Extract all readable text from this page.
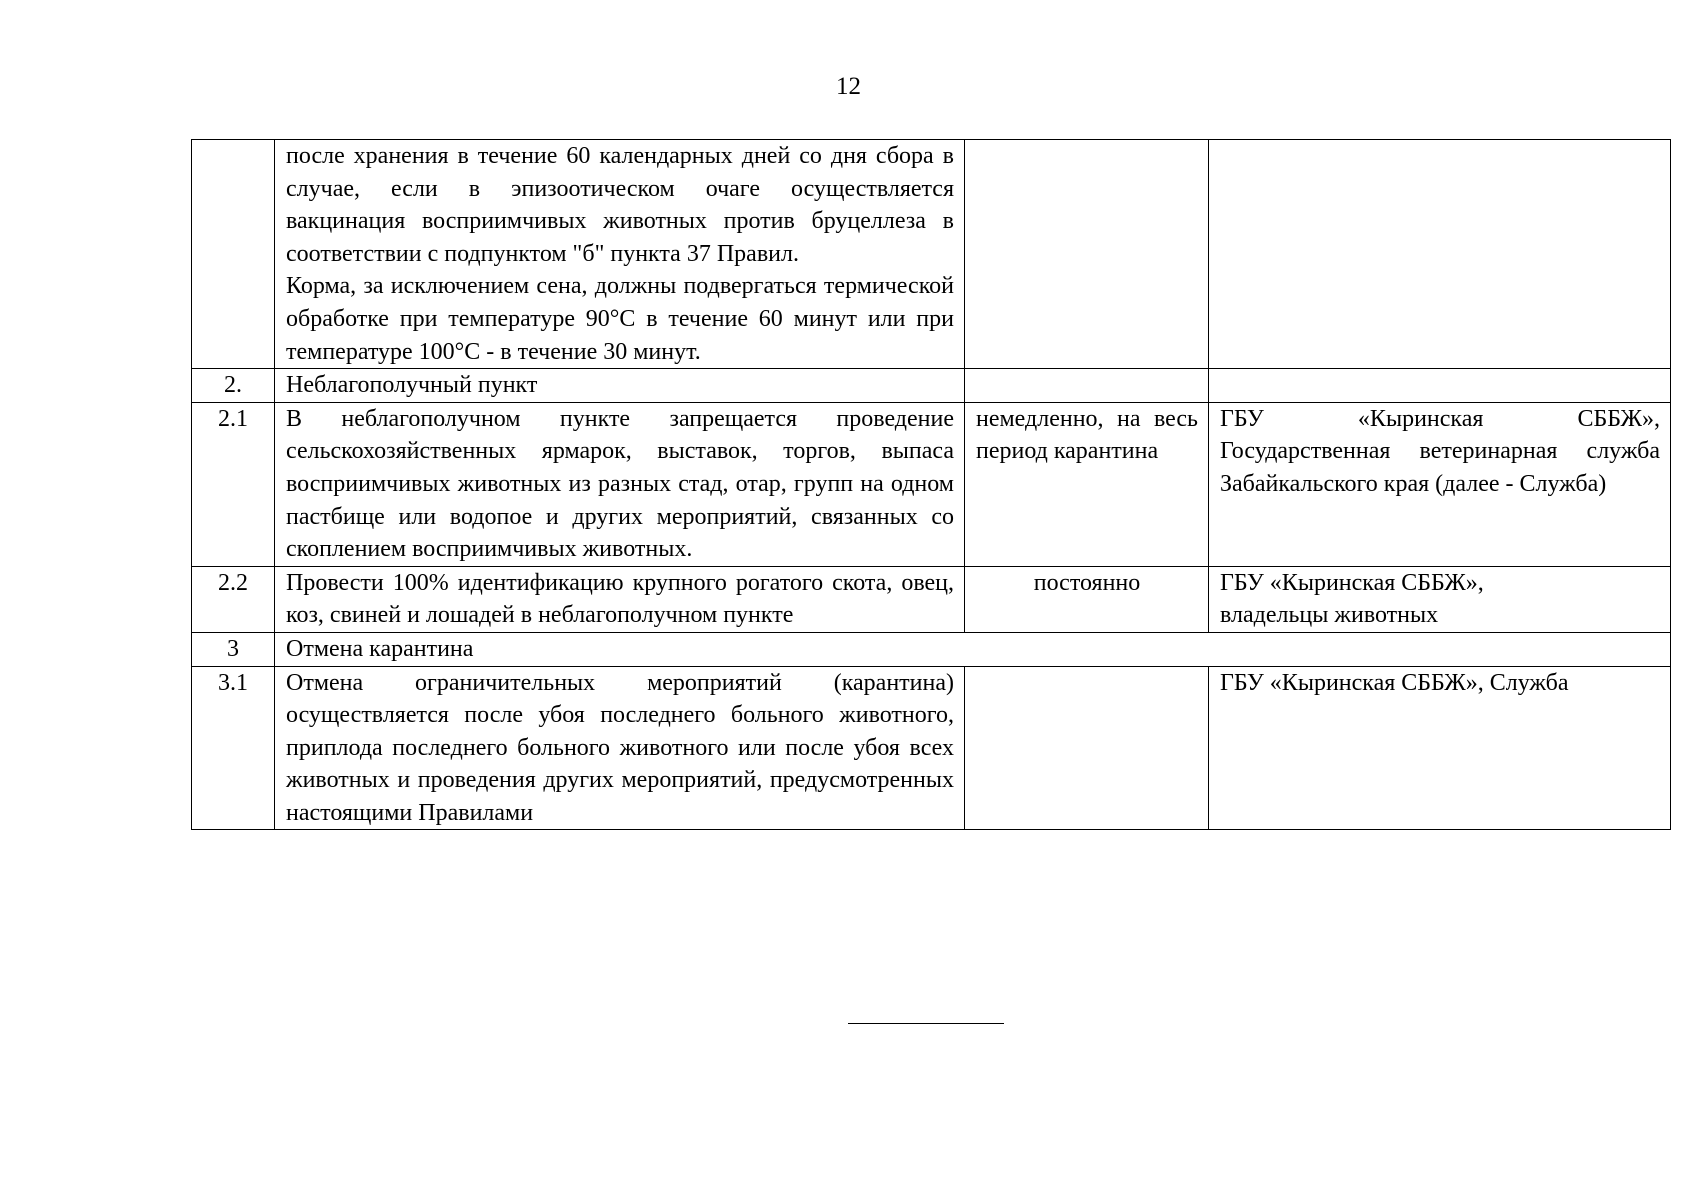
12

	после хранения в течение 60 календарных дней со дня сбора в случае, если в эпизоотическом очаге осуществляется вакцинация восприимчивых животных против бруцеллеза в соответствии с подпунктом "б" пункта 37 Правил.

Корма, за исключением сена, должны подвергаться термической обработке при температуре 90°С в течение 60 минут или при температуре 100°С - в течение 30 минут.		

2.	Неблагополучный пункт		
2.1	В неблагополучном пункте запрещается проведение сельскохозяйственных ярмарок, выставок, торгов, выпаса восприимчивых животных из разных стад, отар, групп на одном пастбище или водопое и других мероприятий, связанных со скоплением восприимчивых животных.	немедленно, на весь период карантина	ГБУ «Кыринская СББЖ», Государственная ветеринарная служба Забайкальского края (далее - Служба)
2.2	Провести 100% идентификацию крупного рогатого скота, овец, коз, свиней и лошадей в неблагополучном пункте	постоянно	ГБУ «Кыринская СББЖ»,
владельцы животных
3	Отмена карантина		
3.1	Отмена ограничительных мероприятий (карантина) осуществляется после убоя последнего больного животного, приплода последнего больного животного или после убоя всех животных и проведения других мероприятий, предусмотренных настоящими Правилами		ГБУ «Кыринская СББЖ», Служба
